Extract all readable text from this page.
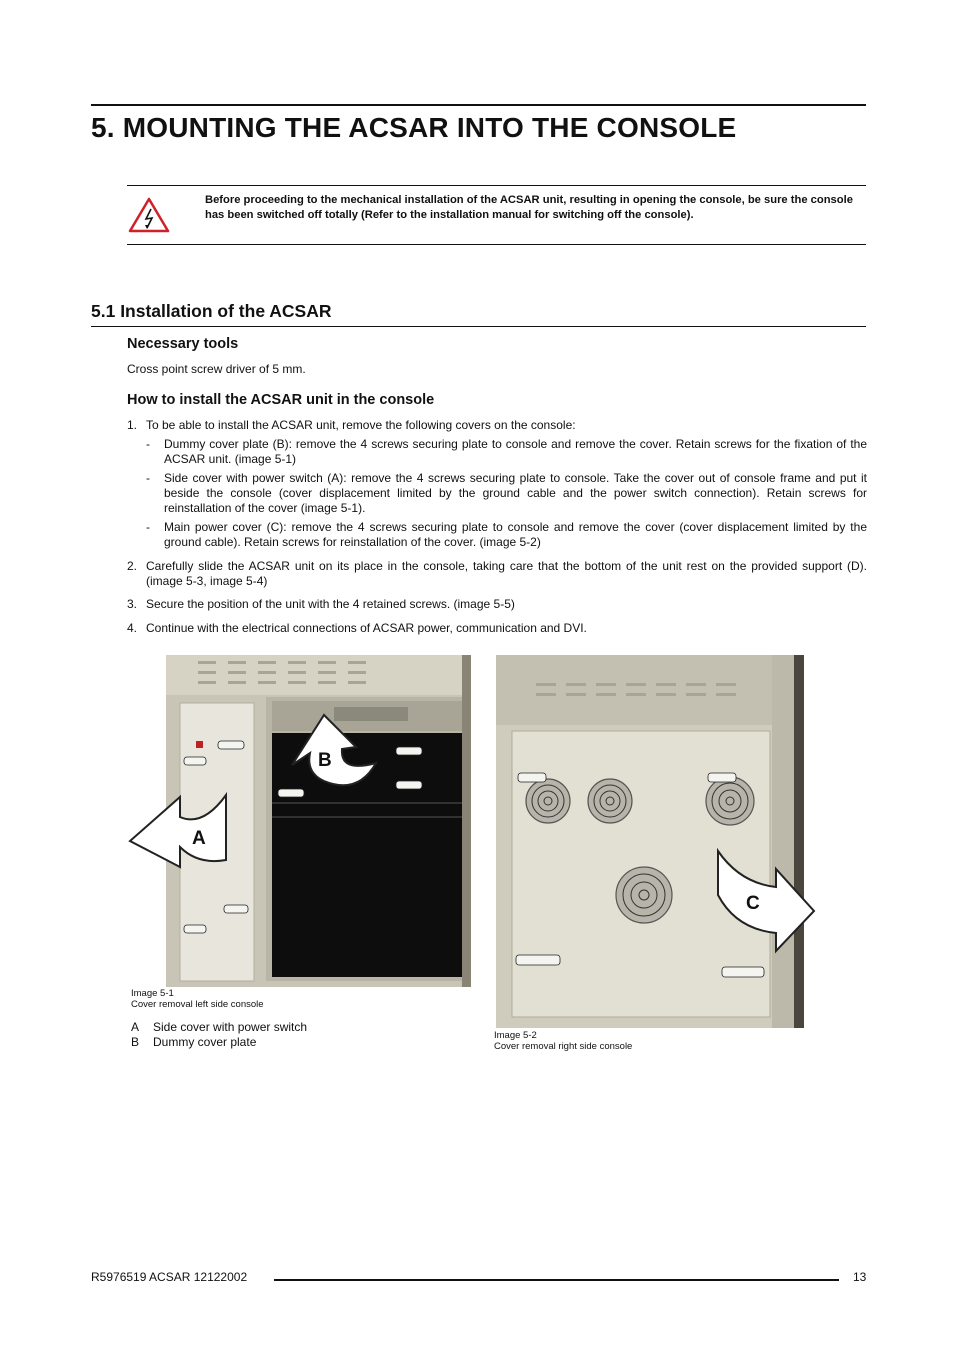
5. MOUNTING THE ACSAR INTO THE CONSOLE
Before proceeding to the mechanical installation of the ACSAR unit, resulting in opening the console, be sure the console has been switched off totally (Refer to the installation manual for switching off the console).
5.1 Installation of the ACSAR
Necessary tools
Cross point screw driver of 5 mm.
How to install the ACSAR unit in the console
1. To be able to install the ACSAR unit, remove the following covers on the console:
- Dummy cover plate (B): remove the 4 screws securing plate to console and remove the cover. Retain screws for the fixation of the ACSAR unit. (image 5-1)
- Side cover with power switch (A): remove the 4 screws securing plate to console. Take the cover out of console frame and put it beside the console (cover displacement limited by the ground cable and the power switch connection). Retain screws for reinstallation of the cover (image 5-1).
- Main power cover (C): remove the 4 screws securing plate to console and remove the cover (cover displacement limited by the ground cable). Retain screws for reinstallation of the cover. (image 5-2)
2. Carefully slide the ACSAR unit on its place in the console, taking care that the bottom of the unit rest on the provided support (D). (image 5-3, image 5-4)
3. Secure the position of the unit with the 4 retained screws. (image 5-5)
4. Continue with the electrical connections of ACSAR power, communication and DVI.
A
B
Image 5-1
Cover removal left side console
A Side cover with power switch
B Dummy cover plate
C
Image 5-2
Cover removal right side console
R5976519 ACSAR 12122002	13
